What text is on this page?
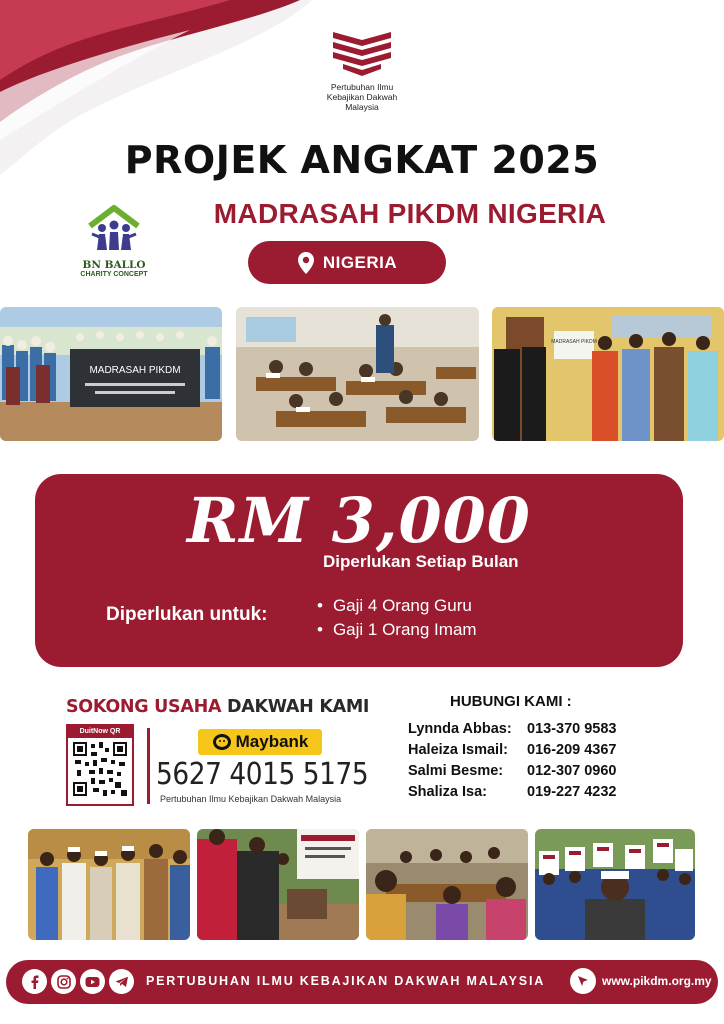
Pertubuhan Ilmu
Kebajikan Dakwah
Malaysia
PROJEK ANGKAT 2025
BN BALLO
CHARITY CONCEPT
MADRASAH PIKDM NIGERIA
NIGERIA
MADRASAH PIKDM
MADRASAH PIKDM
RM 3,000
Diperlukan Setiap Bulan
Diperlukan untuk:
•	Gaji 4 Orang Guru
• Gaji 1 Orang Imam
SOKONG USAHA DAKWAH KAMI
DuitNow QR
Maybank
5627 4015 5175
Pertubuhan Ilmu Kebajikan Dakwah Malaysia
HUBUNGI KAMI :
Lynnda Abbas:	013-370 9583
Haleiza Ismail:	016-209 4367
Salmi Besme:	012-307 0960
Shaliza Isa:	019-227 4232
PERTUBUHAN ILMU KEBAJIKAN DAKWAH MALAYSIA	www.pikdm.org.my
